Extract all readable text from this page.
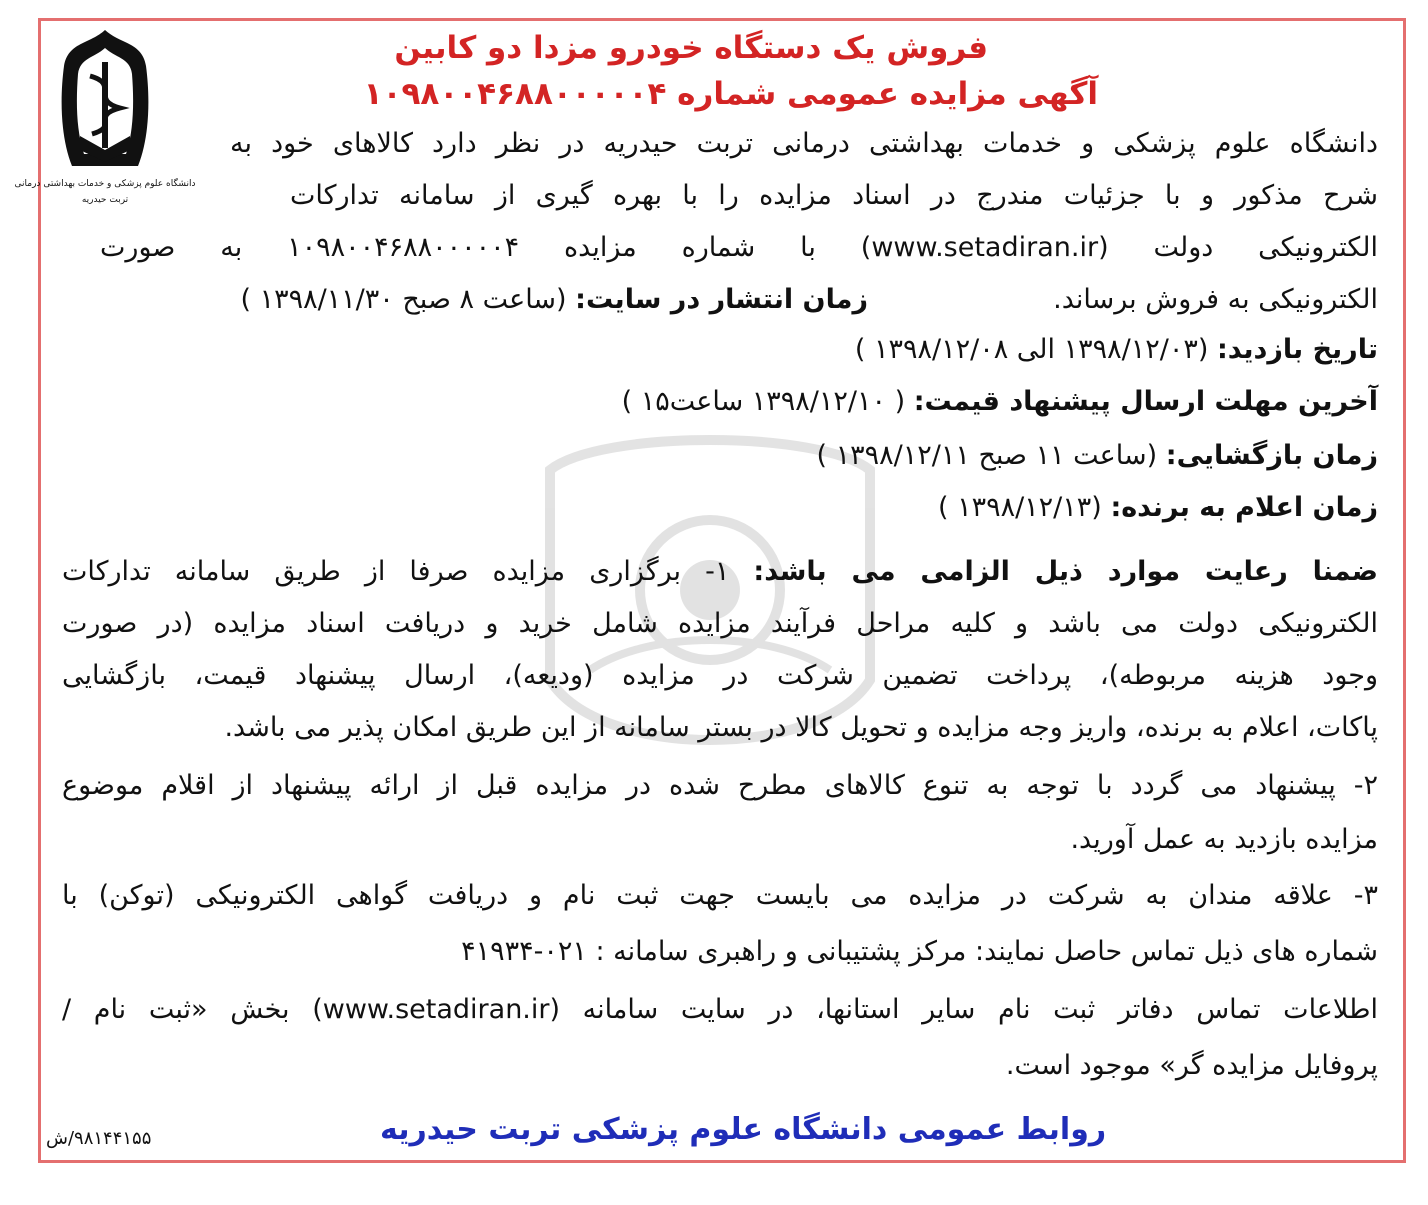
دانشگاه علوم پزشکی و خدمات بهداشتی درمانی
تربت حیدریه
فروش یک دستگاه خودرو مزدا دو کابین
آگهی مزایده عمومی شماره ۱۰۹۸۰۰۴۶۸۸۰۰۰۰۰۴
دانشگاه علوم پزشکی و خدمات بهداشتی درمانی تربت حیدریه در نظر دارد کالاهای خود به
شرح مذکور و با جزئیات مندرج در اسناد مزایده را با بهره گیری از سامانه تدارکات
الکترونیکی دولت (www.setadiran.ir) با شماره مزایده ۱۰۹۸۰۰۴۶۸۸۰۰۰۰۰۴ به صورت
الکترونیکی به فروش برساند.
زمان انتشار در سایت: (ساعت ۸ صبح ۱۳۹۸/۱۱/۳۰ )
تاریخ بازدید: (۱۳۹۸/۱۲/۰۳ الی ۱۳۹۸/۱۲/۰۸ )
آخرین مهلت ارسال پیشنهاد قیمت: ( ۱۳۹۸/۱۲/۱۰ ساعت۱۵ )
زمان بازگشایی: (ساعت ۱۱ صبح ۱۳۹۸/۱۲/۱۱ )
زمان اعلام به برنده: (۱۳۹۸/۱۲/۱۳ )
ضمنا رعایت موارد ذیل الزامی می باشد: ۱- برگزاری مزایده صرفا از طریق سامانه تدارکات
الکترونیکی دولت می باشد و کلیه مراحل فرآیند مزایده شامل خرید و دریافت اسناد مزایده (در صورت
وجود هزینه مربوطه)، پرداخت تضمین شرکت در مزایده (ودیعه)، ارسال پیشنهاد قیمت، بازگشایی
پاکات، اعلام به برنده، واریز وجه مزایده و تحویل کالا در بستر سامانه از این طریق امکان پذیر می باشد.
۲- پیشنهاد می گردد با توجه به تنوع کالاهای مطرح شده در مزایده قبل از ارائه پیشنهاد از اقلام موضوع
مزایده بازدید به عمل آورید.
۳- علاقه مندان به شرکت در مزایده می بایست جهت ثبت نام و دریافت گواهی الکترونیکی (توکن) با
شماره های ذیل تماس حاصل نمایند: مرکز پشتیبانی و راهبری سامانه : ۰۲۱-۴۱۹۳۴
اطلاعات تماس دفاتر ثبت نام سایر استانها، در سایت سامانه (www.setadiran.ir) بخش «ثبت نام /
پروفایل مزایده گر» موجود است.
روابط عمومی دانشگاه علوم پزشکی تربت حیدریه
۹۸۱۴۴۱۵۵/ش
